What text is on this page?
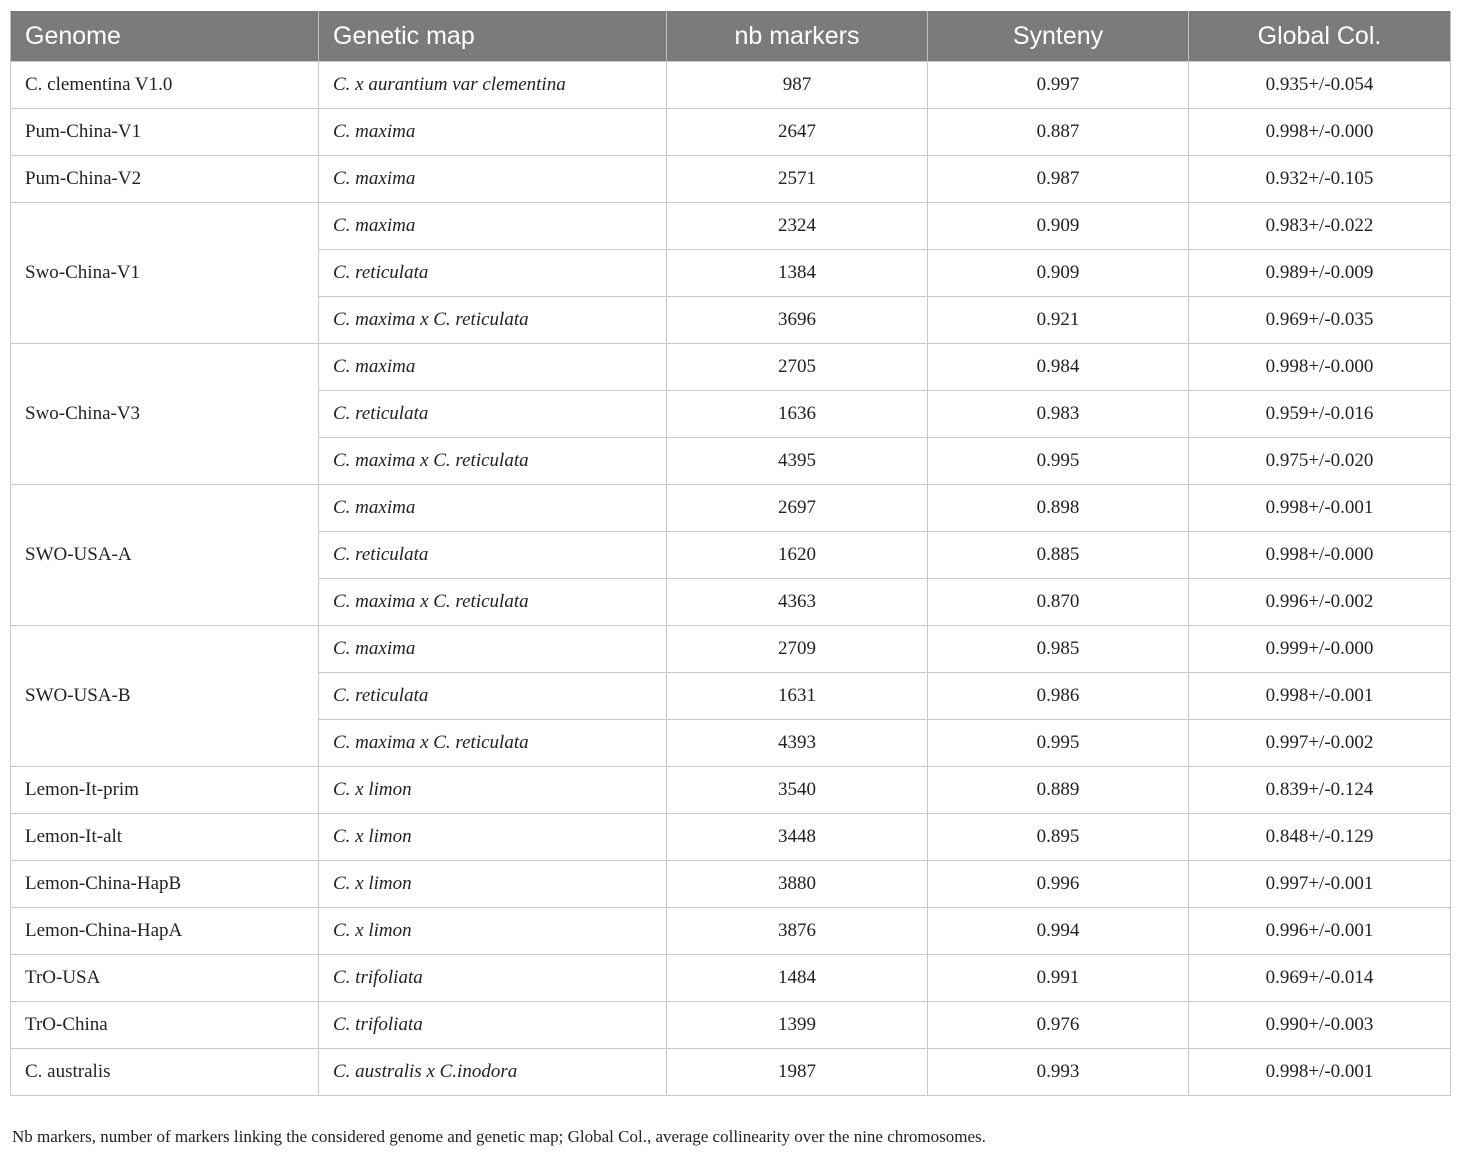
Genome	Genetic map	nb markers	Synteny	Global Col.
C. clementina V1.0	C. x aurantium var clementina	987	0.997	0.935+/-0.054
Pum-China-V1	C. maxima	2647	0.887	0.998+/-0.000
Pum-China-V2	C. maxima	2571	0.987	0.932+/-0.105
Swo-China-V1	C. maxima	2324	0.909	0.983+/-0.022
	C. reticulata	1384	0.909	0.989+/-0.009
	C. maxima x C. reticulata	3696	0.921	0.969+/-0.035
Swo-China-V3	C. maxima	2705	0.984	0.998+/-0.000
	C. reticulata	1636	0.983	0.959+/-0.016
	C. maxima x C. reticulata	4395	0.995	0.975+/-0.020
SWO-USA-A	C. maxima	2697	0.898	0.998+/-0.001
	C. reticulata	1620	0.885	0.998+/-0.000
	C. maxima x C. reticulata	4363	0.870	0.996+/-0.002
SWO-USA-B	C. maxima	2709	0.985	0.999+/-0.000
	C. reticulata	1631	0.986	0.998+/-0.001
	C. maxima x C. reticulata	4393	0.995	0.997+/-0.002
Lemon-It-prim	C. x limon	3540	0.889	0.839+/-0.124
Lemon-It-alt	C. x limon	3448	0.895	0.848+/-0.129
Lemon-China-HapB	C. x limon	3880	0.996	0.997+/-0.001
Lemon-China-HapA	C. x limon	3876	0.994	0.996+/-0.001
TrO-USA	C. trifoliata	1484	0.991	0.969+/-0.014
TrO-China	C. trifoliata	1399	0.976	0.990+/-0.003
C. australis	C. australis x C.inodora	1987	0.993	0.998+/-0.001
Nb markers, number of markers linking the considered genome and genetic map; Global Col., average collinearity over the nine chromosomes.
